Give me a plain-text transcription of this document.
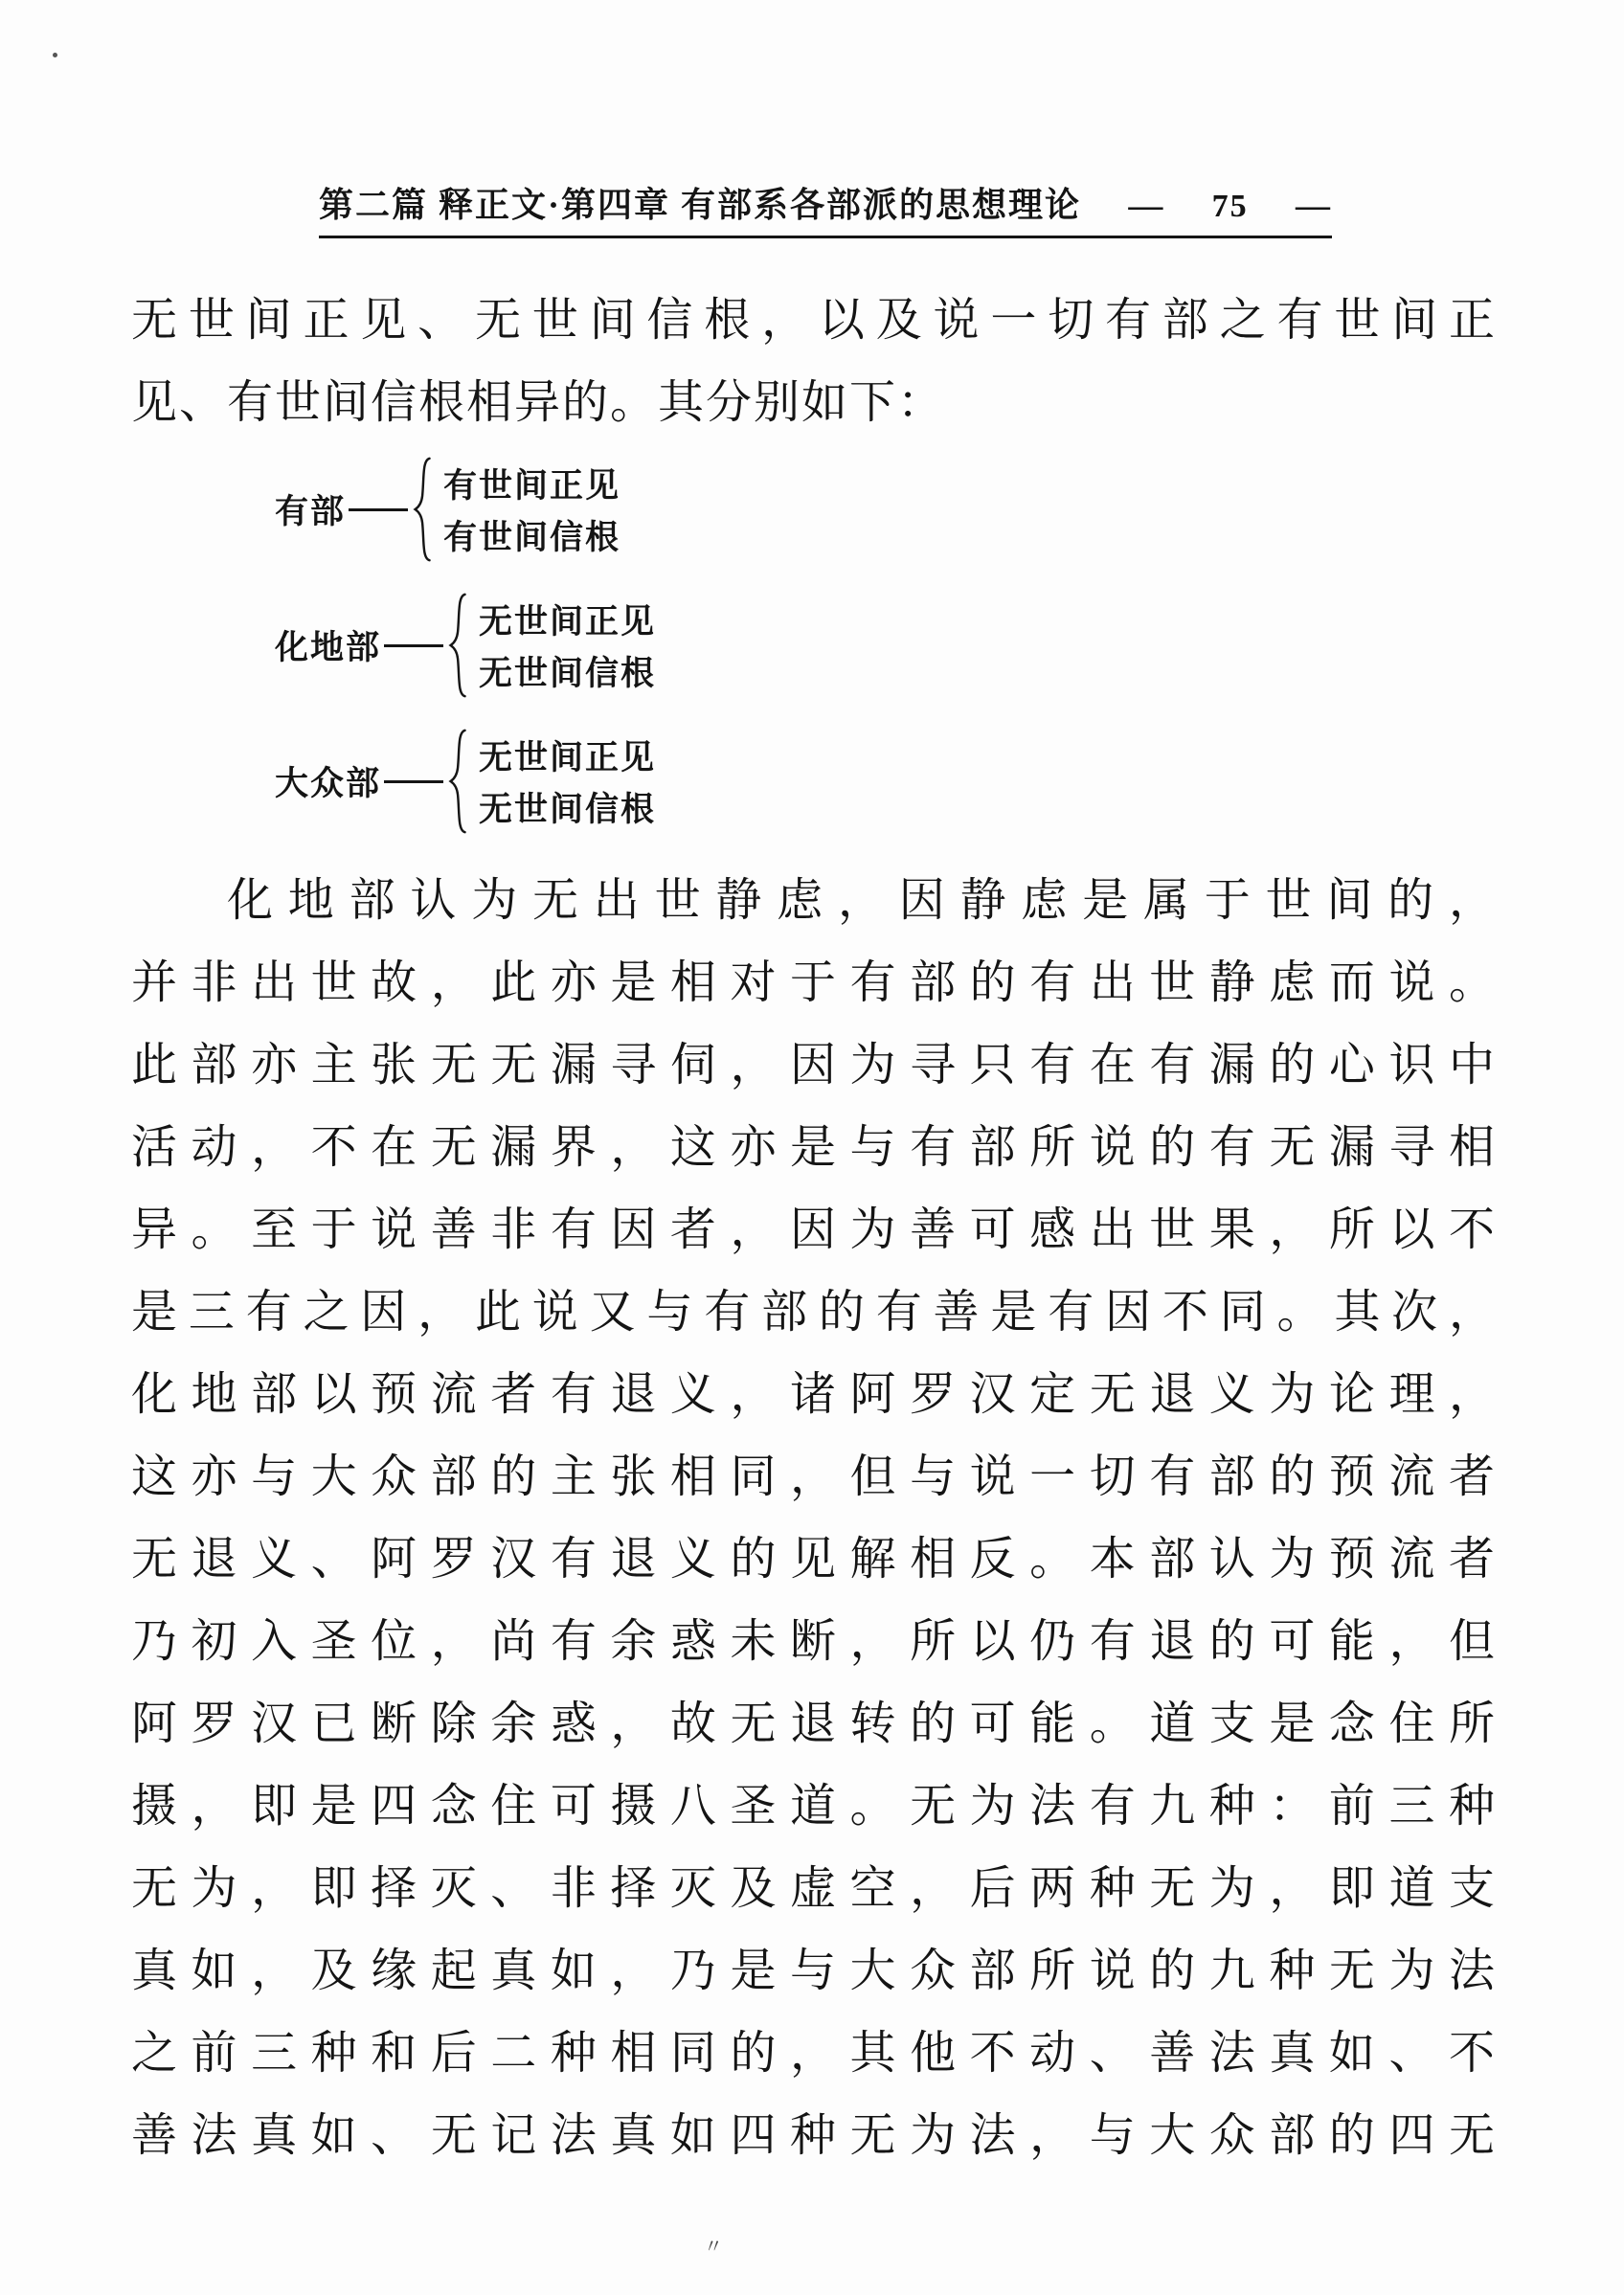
第二篇 释正文·第四章 有部系各部派的思想理论 — 75 —
无世间正见、无世间信根，以及说一切有部之有世间正
见、有世间信根相异的。其分别如下：
有部
有世间正见
有世间信根
化地部
无世间正见
无世间信根
大众部
无世间正见
无世间信根
化地部认为无出世静虑，因静虑是属于世间的，
并非出世故，此亦是相对于有部的有出世静虑而说。
此部亦主张无无漏寻伺，因为寻只有在有漏的心识中
活动，不在无漏界，这亦是与有部所说的有无漏寻相
异。至于说善非有因者，因为善可感出世果，所以不
是三有之因，此说又与有部的有善是有因不同。其次，
化地部以预流者有退义，诸阿罗汉定无退义为论理，
这亦与大众部的主张相同，但与说一切有部的预流者
无退义、阿罗汉有退义的见解相反。本部认为预流者
乃初入圣位，尚有余惑未断，所以仍有退的可能，但
阿罗汉已断除余惑，故无退转的可能。道支是念住所
摄，即是四念住可摄八圣道。无为法有九种：前三种
无为，即择灭、非择灭及虚空，后两种无为，即道支
真如，及缘起真如，乃是与大众部所说的九种无为法
之前三种和后二种相同的，其他不动、善法真如、不
善法真如、无记法真如四种无为法，与大众部的四无
〃
